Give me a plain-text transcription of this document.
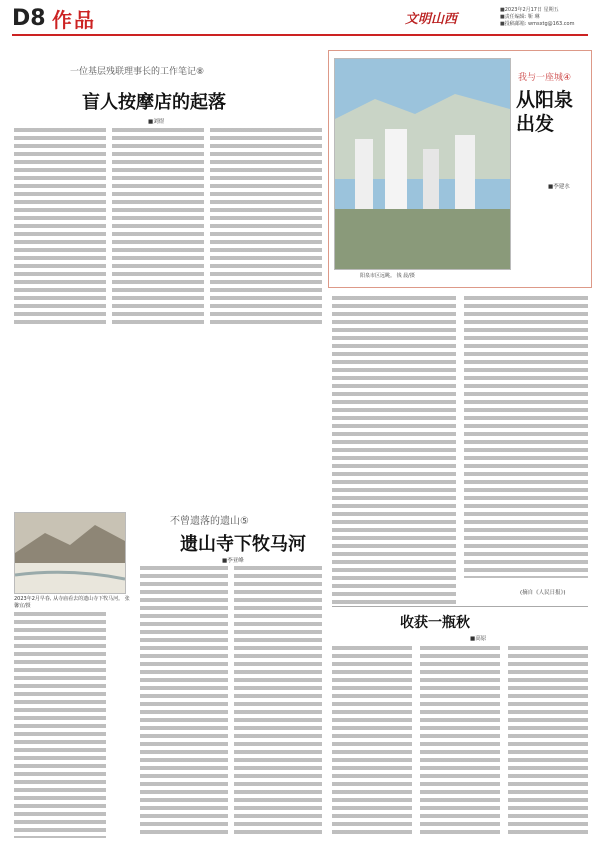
D8 作品	文明山西
■2023年2月17日 星期五
■责任编辑: 靳 琳
■投稿邮箱: wmsxtg@163.com
一位基层残联理事长的工作笔记⑧
盲人按摩店的起落
■刘煜
不曾遗落的遗山⑤
遗山寺下牧马河
■李亚峰
2023年2月早春, 从寺庙看去的遗山寺下牧马河。 张馨宜/摄
我与一座城④
从阳泉出发
■李建水
阳泉市区远眺。 钱 晨/摄
(摘自《人民日报》)
收获一瓶秋
■高原
